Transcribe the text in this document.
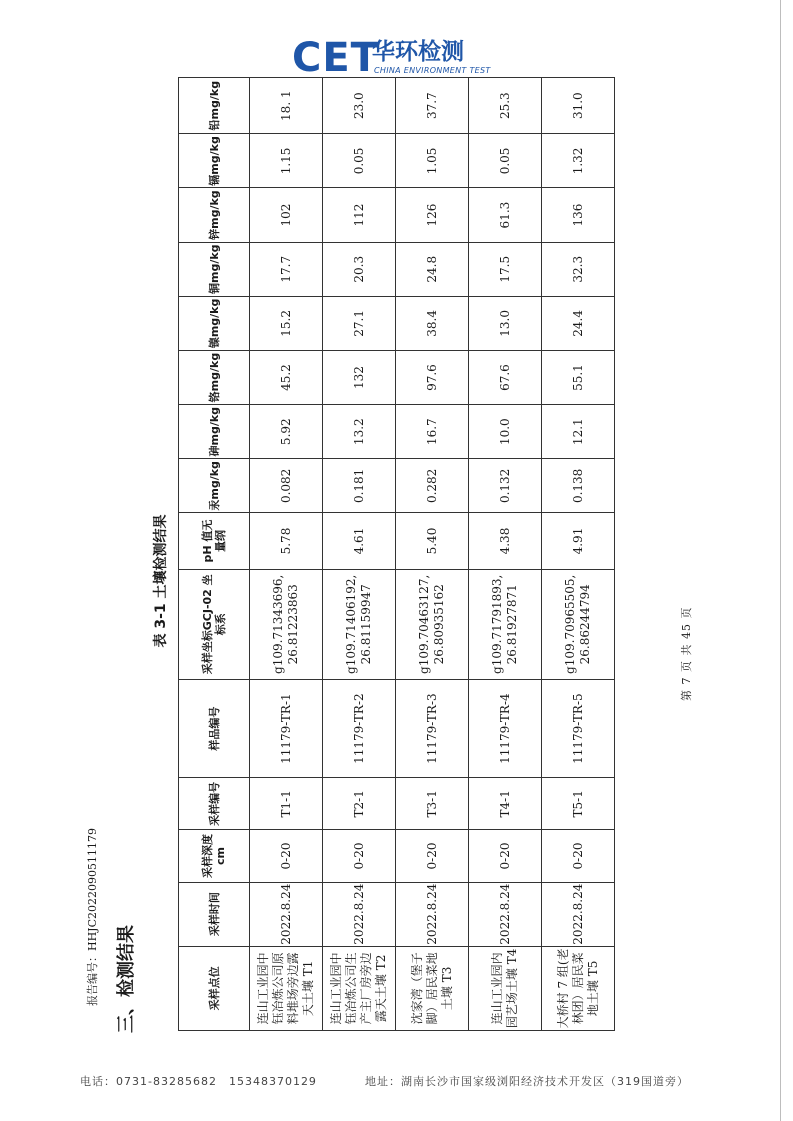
CET
华环检测
CHINA ENVIRONMENT TEST
报告编号：HHJC2022090511179 三、检测结果
表 3-1 土壤检测结果
采样点位	采样时间	采样深度cm	采样编号	样品编号	采样坐标GCJ-02 坐标系	pH 值无量纲	汞mg/kg	砷mg/kg	铬mg/kg	镍mg/kg	铜mg/kg	锌mg/kg	镉mg/kg	铅mg/kg
连山工业园中钰冶炼公司原料堆场旁边露天土壤 T1	2022.8.24	0-20	T1-1	11179-TR-1	g109.71343696, 26.81223863	5.78	0.082	5.92	45.2	15.2	17.7	102	1.15	18. 1
连山工业园中钰冶炼公司生产主厂房旁边露天土壤 T2	2022.8.24	0-20	T2-1	11179-TR-2	g109.71406192, 26.81159947	4.61	0.181	13.2	132	27.1	20.3	112	0.05	23.0
沈家湾（堡子脚）居民菜地土壤 T3	2022.8.24	0-20	T3-1	11179-TR-3	g109.70463127, 26.80935162	5.40	0.282	16.7	97.6	38.4	24.8	126	1.05	37.7
连山工业园内园艺场土壤 T4	2022.8.24	0-20	T4-1	11179-TR-4	g109.71791893, 26.81927871	4.38	0.132	10.0	67.6	13.0	17.5	61.3	0.05	25.3
大桥村 7 组(老林团）居民菜地土壤 T5	2022.8.24	0-20	T5-1	11179-TR-5	g109.70965505, 26.86244794	4.91	0.138	12.1	55.1	24.4	32.3	136	1.32	31.0
第 7 页 共 45 页
电话：0731-83285682　15348370129	地址：湖南长沙市国家级浏阳经济技术开发区（319国道旁）
